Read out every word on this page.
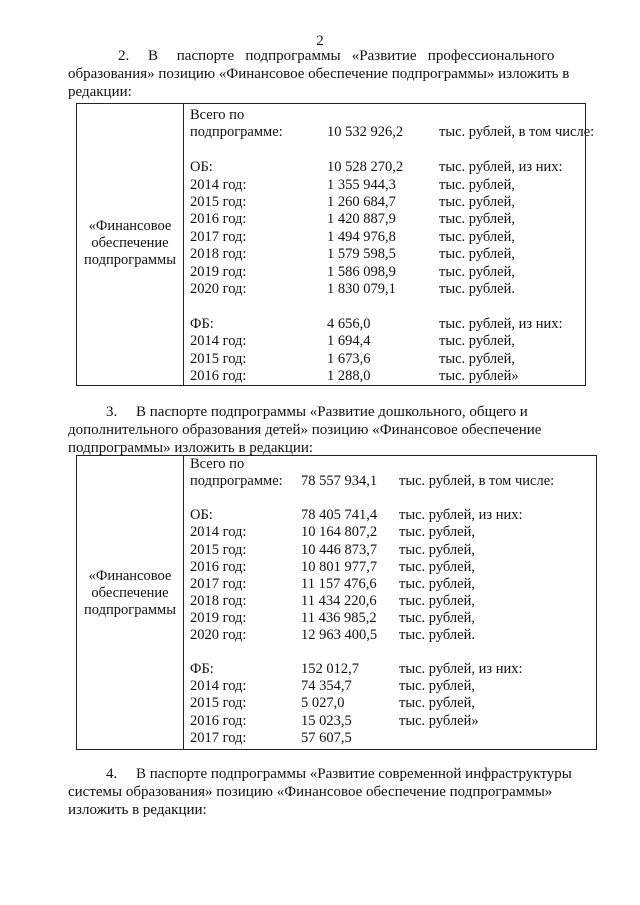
2
2.     В     паспорте   подпрограммы   «Развитие   профессионального
образования» позицию «Финансовое обеспечение подпрограммы» изложить в
редакции:
«Финансовое
обеспечение
подпрограммы
Всего по
подпрограмме:	10 532 926,2 тыс. рублей, в том числе:
ОБ:	10 528 270,2 тыс. рублей, из них:
2014 год:	1 355 944,3	тыс. рублей,
2015 год:	1 260 684,7	тыс. рублей,
2016 год:	1 420 887,9	тыс. рублей,
2017 год:	1 494 976,8	тыс. рублей,
2018 год:	1 579 598,5	тыс. рублей,
2019 год:	1 586 098,9	тыс. рублей,
2020 год:	1 830 079,1	тыс. рублей.
ФБ:	4 656,0	тыс. рублей, из них:
2014 год:	1 694,4	тыс. рублей,
2015 год:	1 673,6	тыс. рублей,
2016 год:	1 288,0	тыс. рублей»
3.     В паспорте подпрограммы «Развитие дошкольного, общего и
дополнительного образования детей» позицию «Финансовое обеспечение
подпрограммы» изложить в редакции:
«Финансовое
обеспечение
подпрограммы
Всего по
подпрограмме: 78 557 934,1 тыс. рублей, в том числе:
ОБ:	78 405 741,4 тыс. рублей, из них:
2014 год:	10 164 807,2 тыс. рублей,
2015 год:	10 446 873,7 тыс. рублей,
2016 год:	10 801 977,7 тыс. рублей,
2017 год:	11 157 476,6 тыс. рублей,
2018 год:	11 434 220,6 тыс. рублей,
2019 год:	11 436 985,2 тыс. рублей,
2020 год:	12 963 400,5 тыс. рублей.
ФБ:	152 012,7	тыс. рублей, из них:
2014 год:	74 354,7	тыс. рублей,
2015 год:	5 027,0	тыс. рублей,
2016 год:	15 023,5	тыс. рублей»
2017 год:	57 607,5
4.     В паспорте подпрограммы «Развитие современной инфраструктуры
системы образования» позицию «Финансовое обеспечение подпрограммы»
изложить в редакции:
